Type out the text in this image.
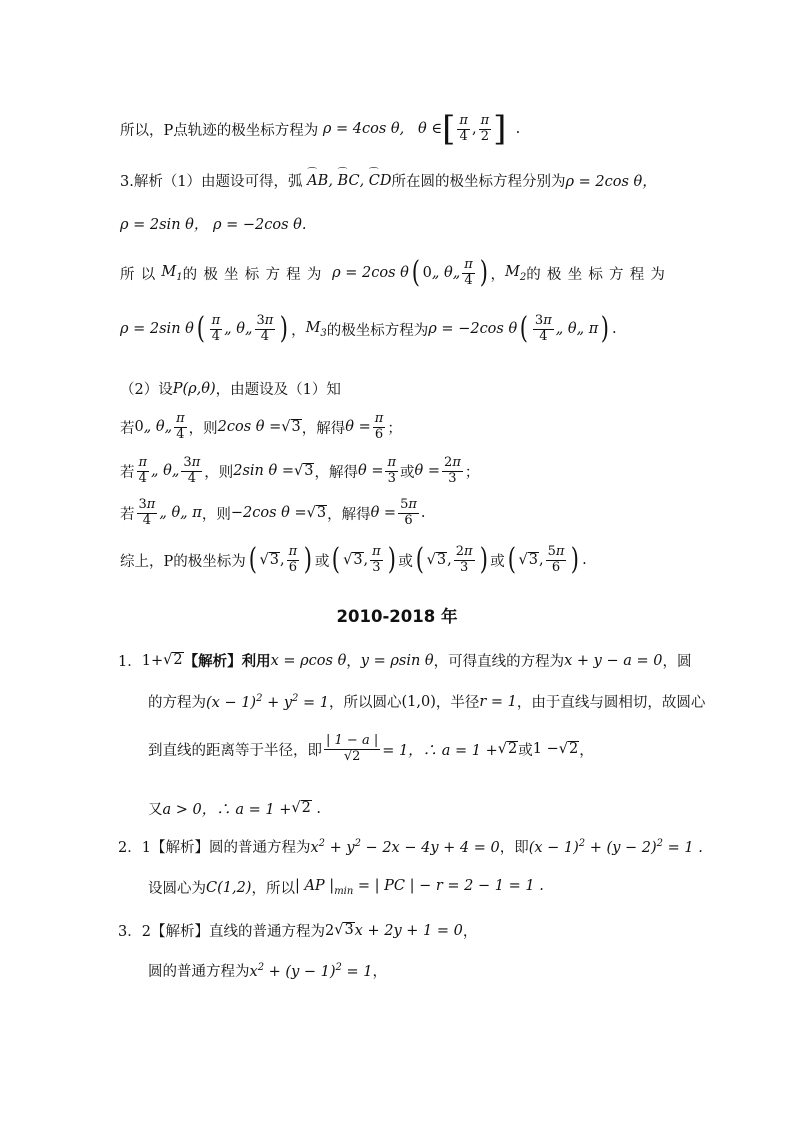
所以，P点轨迹的极坐标方程为 ρ = 4cos θ,   θ ∈ [ $\frac{\pi}{4}$ , $\frac{\pi}{2}$ ] .
3.解析（1）由题设可得，弧
⌒ AB, ⌒ BC, ⌒ CD 所在圆的极坐标方程分别为 ρ = 2cos θ，
ρ = 2sin θ， ρ = −2cos θ.
所以 $M_1$ 的极坐标方程为 ρ = 2cos θ ( 0„ θ„ $\frac{\pi}{4}$ ) ， $M_2$ 的极坐标方程为
ρ = 2sin θ ( $\frac{\pi}{4}$ „ θ„ $\frac{3\pi}{4}$ ) ， $M_3$ 的极坐标方程为 ρ = −2cos θ ( $\frac{3\pi}{4}$ „ θ„ π ) .
（2）设 P(ρ,θ) ，由题设及（1）知
若 0„ θ„ $\frac{\pi}{4}$ ，则 2cos θ = √ 3 ，解得 $\theta = \frac{\pi}{6}$ ；
若 $\frac{\pi}{4}$ „ θ„ $\frac{3\pi}{4}$ ，则 2sin θ = √ 3 ，解得 $\theta = \frac{\pi}{3}$ 或 $\theta = \frac{2\pi}{3}$ ；
若 $\frac{3\pi}{4}$ „ θ„ π ，则 −2cos θ = √ 3 ，解得 $\theta = \frac{5\pi}{6}$ .
综上，P的极坐标为 ( √ 3 , $\frac{\pi}{6}$ ) 或 ( √ 3 , $\frac{\pi}{3}$ ) 或 ( √ 3 , $\frac{2\pi}{3}$ ) 或 ( √ 3 , $\frac{5\pi}{6}$ ) .
2010-2018 年
1． 1+ √ 2 【解析】利用 x = ρcos θ ， y = ρsin θ ，可得直线的方程为 x + y − a = 0 ，圆
的方程为 $(x - 1)^2 + y^2 = 1$ ，所以圆心 (1,0) ，半径 r = 1 ，由于直线与圆相切，故圆心
到直线的距离等于半径，即 $\frac{| 1 - a |}{√2} = 1$，∴ a = 1 + √ 2 或 1 − √ 2 ，
又 a > 0，∴ a = 1 + √ 2 .
2．1【解析】圆的普通方程为 $x^2 + y^2 - 2x - 4y + 4 = 0$ ，即 $(x - 1)^2 + (y - 2)^2 = 1$ .
设圆心为 C(1,2) ，所以 | AP $|_{min}$ = | PC | − r = 2 − 1 = 1 .
3．2【解析】直线的普通方程为 2 √ 3 x + 2y + 1 = 0 ，
圆的普通方程为 $x^2 + (y - 1)^2 = 1$ ，
